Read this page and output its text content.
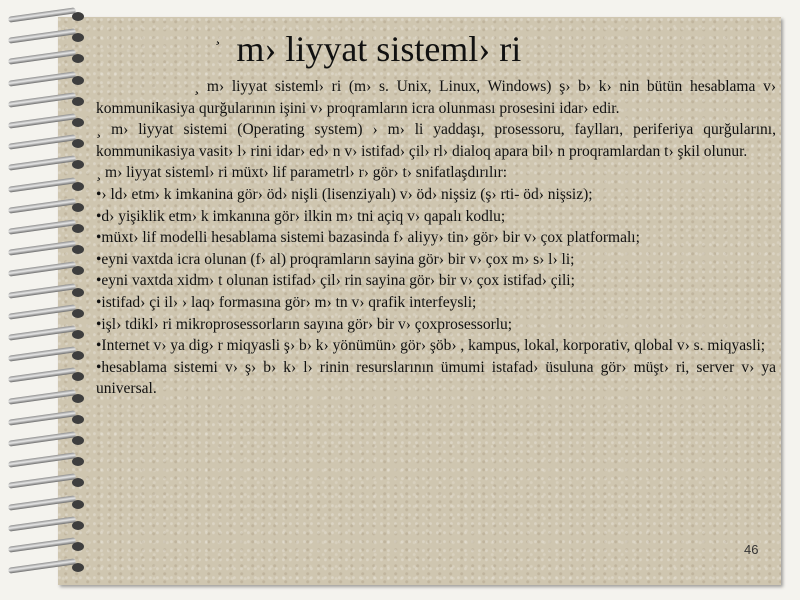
¸ m› liyyat sisteml› ri

¸ m› liyyat sisteml› ri (m› s. Unix, Linux, Windows) ş› b› k› nin bütün hesablama v› kommunikasiya qurğularının işini v› proqramların icra olunması prosesini idar› edir.

¸ m› liyyat sistemi (Operating system) › m› li yaddaşı, prosessoru, faylları, periferiya qurğularını, kommunikasiya vasit› l› rini idar› ed› n v› istifad› çil› rl› dialoq apara bil› n proqramlardan t› şkil olunur.

¸ m› liyyat sisteml› ri müxt› lif parametrl› r› gör› t› snifatlaşdırılır:

•› ld› etm› k imkanina gör› öd› nişli (lisenziyalı) v› öd› nişsiz (ş› rti- öd› nişsiz);

•d› yişiklik etm› k imkanına gör› ilkin m› tni açiq v› qapalı kodlu;

•müxt› lif modelli hesablama sistemi bazasinda f› aliyy› tin› gör› bir v› çox platformalı;

•eyni vaxtda icra olunan (f› al) proqramların sayina gör› bir v› çox m› s› l› li;

•eyni vaxtda xidm› t olunan istifad› çil› rin sayina gör› bir v› çox istifad› çili;

•istifad› çi il› › laq› formasına gör› m› tn v› qrafik interfeysli;

•işl› tdikl› ri mikroprosessorların sayına gör› bir v› çoxprosessorlu;

•Internet v› ya dig› r miqyasli ş› b› k› yönümün› gör› şöb› , kampus, lokal, korporativ, qlobal v› s. miqyasli;

•hesablama sistemi v› ş› b› k› l› rinin resurslarının ümumi istafad› üsuluna gör› müşt› ri, server v› ya universal.

46
